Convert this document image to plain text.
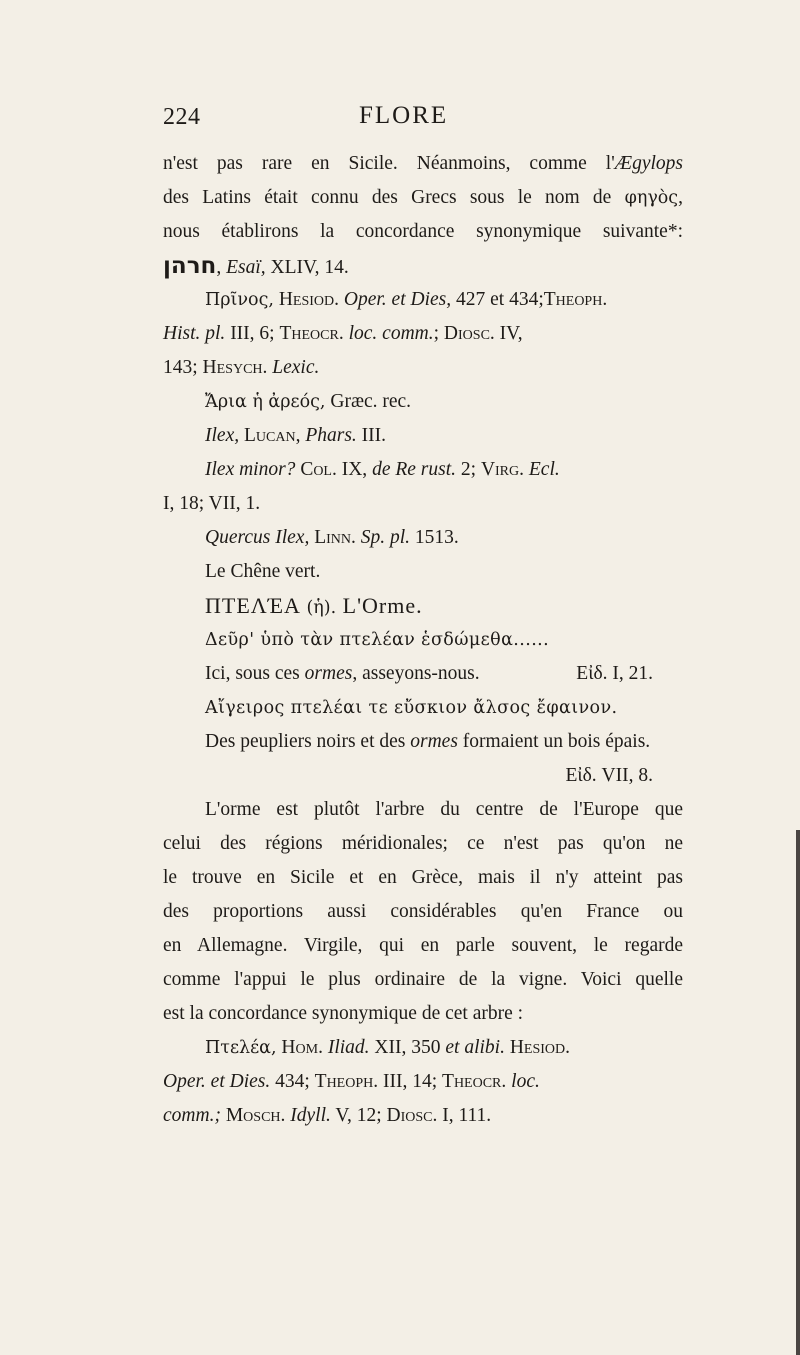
224	FLORE
n'est pas rare en Sicile. Néanmoins, comme l'Ægylops
des Latins était connu des Grecs sous le nom de φηγὸς,
nous établirons la concordance synonymique suivante*:
חרהן, Esaï, XLIV, 14.
Πρῖνος, Hesiod. Oper. et Dies, 427 et 434;Theoph.
Hist. pl. III, 6; Theocr. loc. comm.; Diosc. IV,
143; Hesych. Lexic.
Ἄρια ἡ ἀρεός, Græc. rec.
Ilex, Lucan, Phars. III.
Ilex minor? Col. IX, de Re rust. 2; Virg. Ecl.
I, 18; VII, 1.
Quercus Ilex, Linn. Sp. pl. 1513.
Le Chêne vert.
ΠΤΕΛΈΑ (ἡ). L'Orme.
Δεῦρ' ὑπὸ τὰν πτελέαν ἑσδώμεθα......
Ici, sous ces ormes, asseyons-nous.	Εἰδ. I, 21.
Αἴγειρος πτελέαι τε εὔσκιον ἄλσος ἔφαινον.
Des peupliers noirs et des ormes formaient un bois épais.
Εἰδ. VII, 8.
L'orme est plutôt l'arbre du centre de l'Europe que
celui des régions méridionales; ce n'est pas qu'on ne
le trouve en Sicile et en Grèce, mais il n'y atteint pas
des proportions aussi considérables qu'en France ou
en Allemagne. Virgile, qui en parle souvent, le regarde
comme l'appui le plus ordinaire de la vigne. Voici quelle
est la concordance synonymique de cet arbre :
Πτελέα, Hom. Iliad. XII, 350 et alibi. Hesiod.
Oper. et Dies. 434; Theoph. III, 14; Theocr. loc.
comm.; Mosch. Idyll. V, 12; Diosc. I, 111.
